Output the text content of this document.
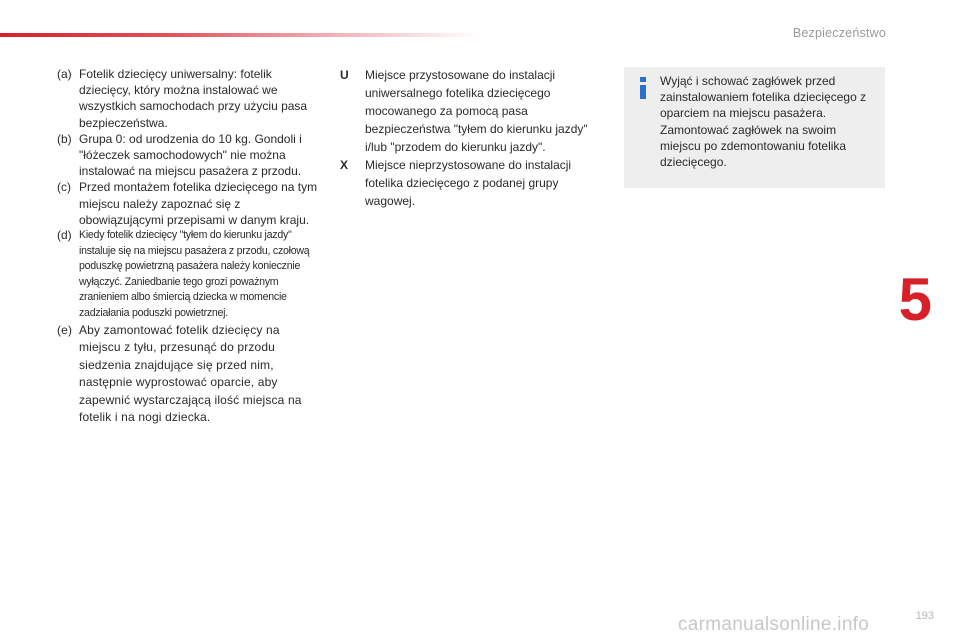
Bezpieczeństwo
5
(a) Fotelik dziecięcy uniwersalny: fotelik dziecięcy, który można instalować we wszystkich samochodach przy użyciu pasa bezpieczeństwa.
(b) Grupa 0: od urodzenia do 10 kg. Gondoli i "łóżeczek samochodowych" nie można instalować na miejscu pasażera z przodu.
(c) Przed montażem fotelika dziecięcego na tym miejscu należy zapoznać się z obowiązującymi przepisami w danym kraju.
(d) Kiedy fotelik dziecięcy "tyłem do kierunku jazdy" instaluje się na miejscu pasażera z przodu, czołową poduszkę powietrzną pasażera należy koniecznie wyłączyć. Zaniedbanie tego grozi poważnym zranieniem albo śmiercią dziecka w momencie zadziałania poduszki powietrznej.
(e) Aby zamontować fotelik dziecięcy na miejscu z tyłu, przesunąć do przodu siedzenia znajdujące się przed nim, następnie wyprostować oparcie, aby zapewnić wystarczającą ilość miejsca na fotelik i na nogi dziecka.
U	Miejsce przystosowane do instalacji uniwersalnego fotelika dziecięcego mocowanego za pomocą pasa bezpieczeństwa "tyłem do kierunku jazdy" i/lub "przodem do kierunku jazdy".
X	Miejsce nieprzystosowane do instalacji fotelika dziecięcego z podanej grupy wagowej.
Wyjąć i schować zagłówek przed zainstalowaniem fotelika dziecięcego z oparciem na miejscu pasażera. Zamontować zagłówek na swoim miejscu po zdemontowaniu fotelika dziecięcego.
carmanualsonline.info	193
